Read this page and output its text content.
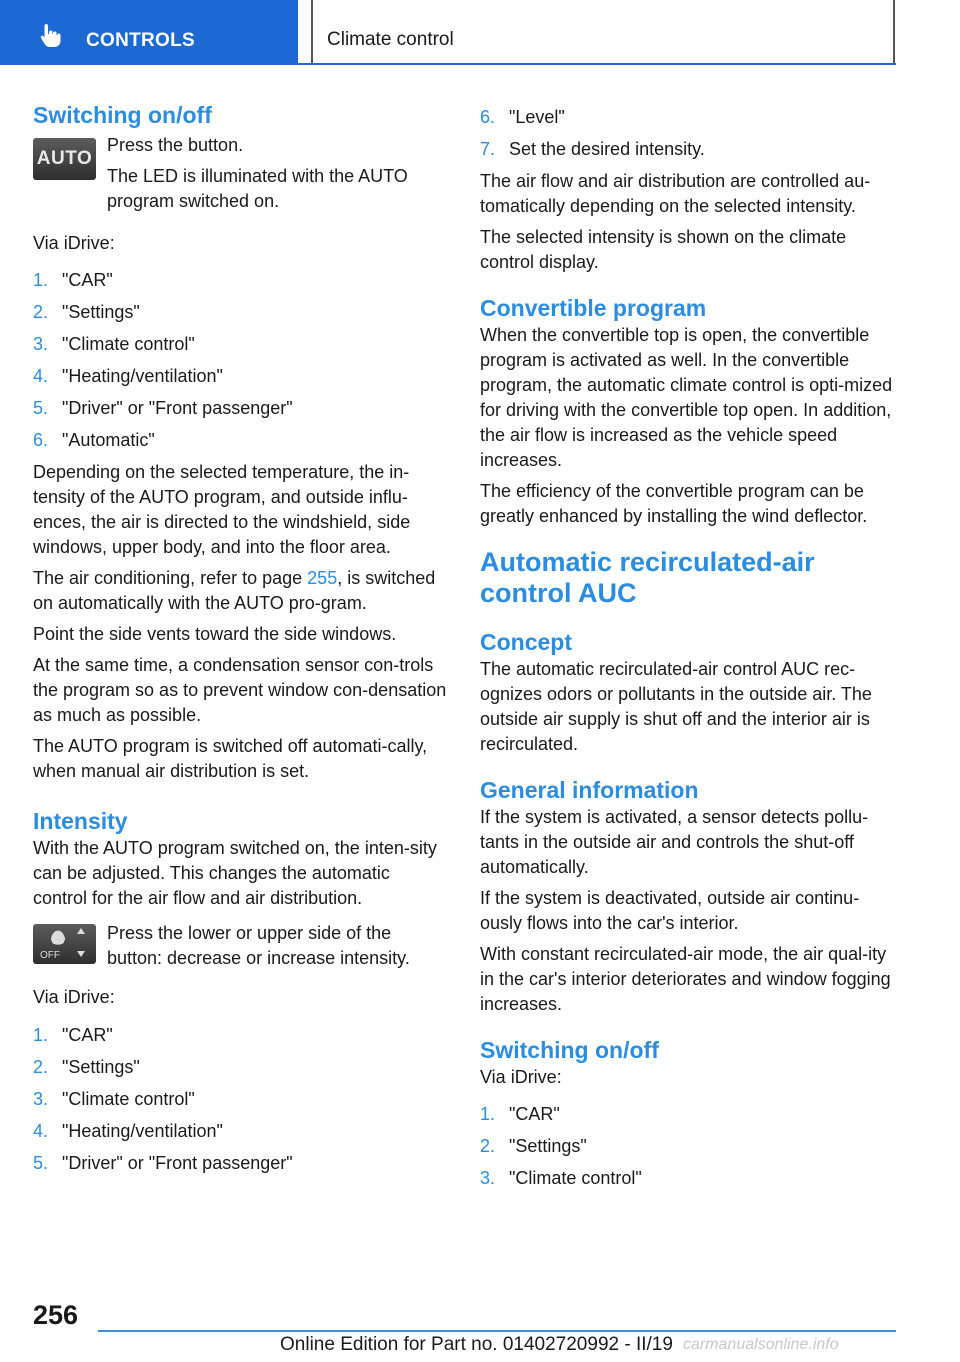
CONTROLS	Climate control
Switching on/off
AUTO

Press the button.

The LED is illuminated with the AUTO program switched on.

Via iDrive:

1. "CAR"
2. "Settings"
3. "Climate control"
4. "Heating/ventilation"
5. "Driver" or "Front passenger"
6. "Automatic"

Depending on the selected temperature, the in-tensity of the AUTO program, and outside influ-ences, the air is directed to the windshield, side windows, upper body, and into the floor area.

The air conditioning, refer to page 255, is switched on automatically with the AUTO pro-gram.

Point the side vents toward the side windows.

At the same time, a condensation sensor con-trols the program so as to prevent window con-densation as much as possible.

The AUTO program is switched off automati-cally, when manual air distribution is set.

Intensity

With the AUTO program switched on, the inten-sity can be adjusted. This changes the automatic control for the air flow and air distribution.

OFF

Press the lower or upper side of the button: decrease or increase intensity.

Via iDrive:

1. "CAR"
2. "Settings"
3. "Climate control"
4. "Heating/ventilation"
5. "Driver" or "Front passenger"
6. "Level"
7. Set the desired intensity.

The air flow and air distribution are controlled au-tomatically depending on the selected intensity.

The selected intensity is shown on the climate control display.

Convertible program

When the convertible top is open, the convertible program is activated as well. In the convertible program, the automatic climate control is opti-mized for driving with the convertible top open. In addition, the air flow is increased as the vehicle speed increases.

The efficiency of the convertible program can be greatly enhanced by installing the wind deflector.

Automatic recirculated-air
control AUC
Concept

The automatic recirculated-air control AUC rec-ognizes odors or pollutants in the outside air. The outside air supply is shut off and the interior air is recirculated.

General information

If the system is activated, a sensor detects pollu-tants in the outside air and controls the shut-off automatically.

If the system is deactivated, outside air continu-ously flows into the car's interior.

With constant recirculated-air mode, the air qual-ity in the car's interior deteriorates and window fogging increases.

Switching on/off

Via iDrive:

1. "CAR"
2. "Settings"
3. "Climate control"
256
Online Edition for Part no. 01402720992 - II/19 carmanualsonline.info
